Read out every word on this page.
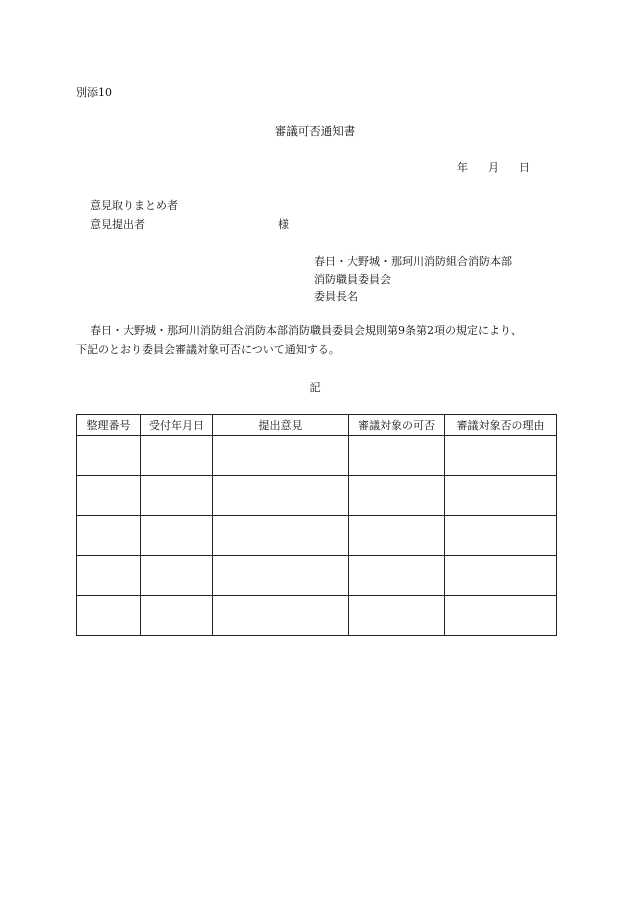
別添10
審議可否通知書
年 月 日
意見取りまとめ者
意見提出者	様
春日・大野城・那珂川消防組合消防本部
消防職員委員会
委員長名
春日・大野城・那珂川消防組合消防本部消防職員委員会規則第9条第2項の規定により、
下記のとおり委員会審議対象可否について通知する。
記
整理番号	受付年月日	提出意見	審議対象の可否	審議対象否の理由
